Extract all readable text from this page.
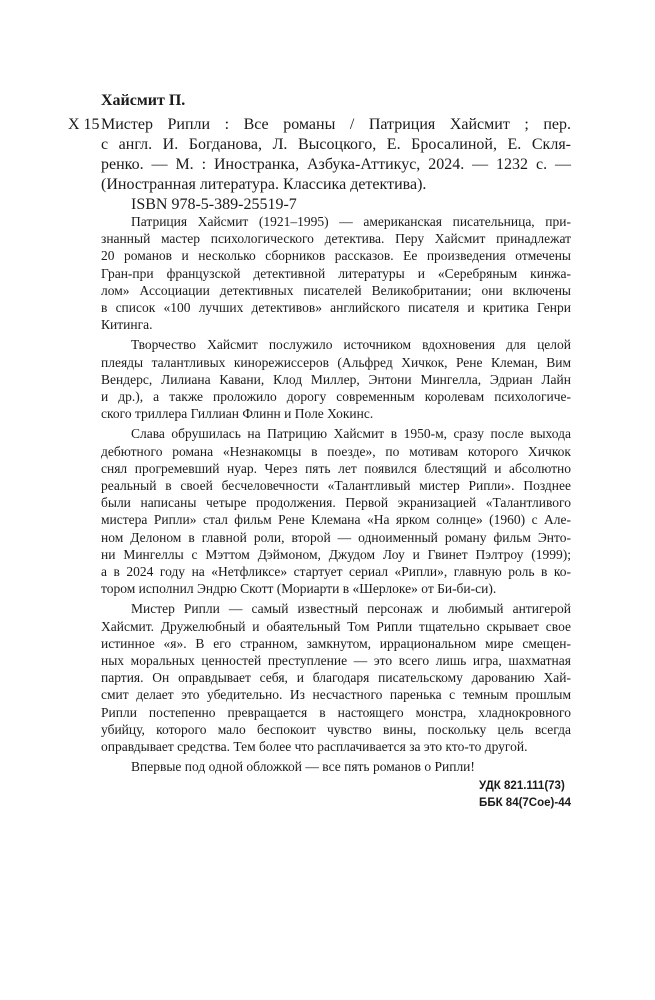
Хайсмит П.
Х 15 Мистер Рипли : Все романы / Патриция Хайсмит ; пер.
с англ. И. Богданова, Л. Высоцкого, Е. Бросалиной, Е. Скля-
ренко. — М. : Иностранка, Азбука-Аттикус, 2024. — 1232 с. —
(Иностранная литература. Классика детектива).
ISBN 978-5-389-25519-7

Патриция Хайсмит (1921–1995) — американская писательница, при-
знанный мастер психологического детектива. Перу Хайсмит принадлежат
20 романов и несколько сборников рассказов. Ее произведения отмечены
Гран-при французской детективной литературы и «Серебряным кинжа-
лом» Ассоциации детективных писателей Великобритании; они включены
в список «100 лучших детективов» английского писателя и критика Генри
Китинга.

Творчество Хайсмит послужило источником вдохновения для целой
плеяды талантливых кинорежиссеров (Альфред Хичкок, Рене Клеман, Вим
Вендерс, Лилиана Кавани, Клод Миллер, Энтони Мингелла, Эдриан Лайн
и др.), а также проложило дорогу современным королевам психологиче-
ского триллера Гиллиан Флинн и Поле Хокинс.

Слава обрушилась на Патрицию Хайсмит в 1950-м, сразу после выхода
дебютного романа «Незнакомцы в поезде», по мотивам которого Хичкок
снял прогремевший нуар. Через пять лет появился блестящий и абсолютно
реальный в своей бесчеловечности «Талантливый мистер Рипли». Позднее
были написаны четыре продолжения. Первой экранизацией «Талантливого
мистера Рипли» стал фильм Рене Клемана «На ярком солнце» (1960) с Але-
ном Делоном в главной роли, второй — одноименный роману фильм Энто-
ни Мингеллы с Мэттом Дэймоном, Джудом Лоу и Гвинет Пэлтроу (1999);
а в 2024 году на «Нетфликсе» стартует сериал «Рипли», главную роль в ко-
тором исполнил Эндрю Скотт (Мориарти в «Шерлоке» от Би-би-си).

Мистер Рипли — самый известный персонаж и любимый антигерой
Хайсмит. Дружелюбный и обаятельный Том Рипли тщательно скрывает свое
истинное «я». В его странном, замкнутом, иррациональном мире смещен-
ных моральных ценностей преступление — это всего лишь игра, шахматная
партия. Он оправдывает себя, и благодаря писательскому дарованию Хай-
смит делает это убедительно. Из несчастного паренька с темным прошлым
Рипли постепенно превращается в настоящего монстра, хладнокровного
убийцу, которого мало беспокоит чувство вины, поскольку цель всегда
оправдывает средства. Тем более что расплачивается за это кто-то другой.

Впервые под одной обложкой — все пять романов о Рипли!

УДК 821.111(73)
ББК 84(7Сое)-44
